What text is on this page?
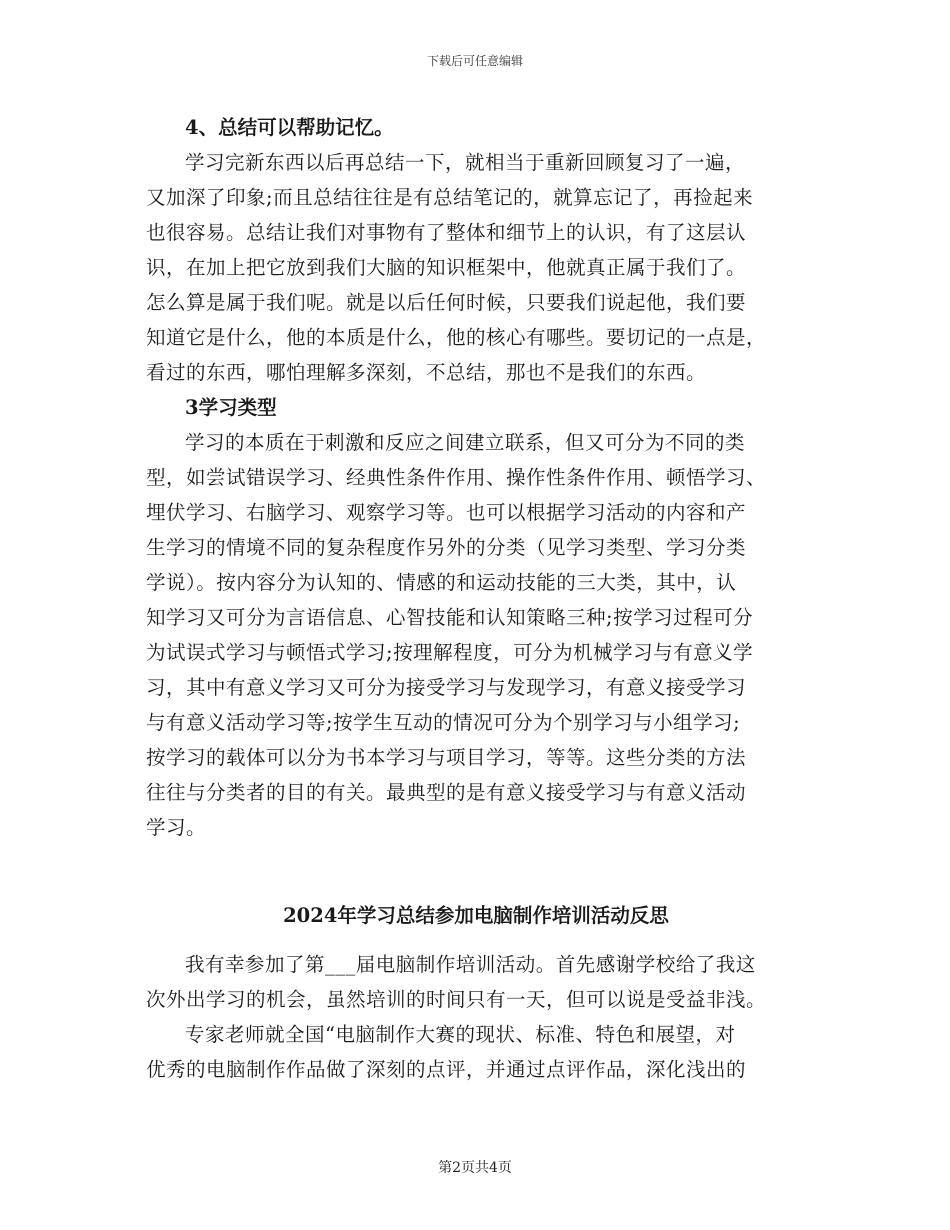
下载后可任意编辑

4、总结可以帮助记忆。

学习完新东西以后再总结一下，就相当于重新回顾复习了一遍，

又加深了印象;而且总结往往是有总结笔记的，就算忘记了，再捡起来

也很容易。总结让我们对事物有了整体和细节上的认识，有了这层认

识，在加上把它放到我们大脑的知识框架中，他就真正属于我们了。

怎么算是属于我们呢。就是以后任何时候，只要我们说起他，我们要

知道它是什么，他的本质是什么，他的核心有哪些。要切记的一点是，

看过的东西，哪怕理解多深刻，不总结，那也不是我们的东西。

3学习类型

学习的本质在于刺激和反应之间建立联系，但又可分为不同的类

型，如尝试错误学习、经典性条件作用、操作性条件作用、顿悟学习、

埋伏学习、右脑学习、观察学习等。也可以根据学习活动的内容和产

生学习的情境不同的复杂程度作另外的分类（见学习类型、学习分类

学说）。按内容分为认知的、情感的和运动技能的三大类，其中，认

知学习又可分为言语信息、心智技能和认知策略三种;按学习过程可分

为试误式学习与顿悟式学习;按理解程度，可分为机械学习与有意义学

习，其中有意义学习又可分为接受学习与发现学习，有意义接受学习

与有意义活动学习等;按学生互动的情况可分为个别学习与小组学习;

按学习的载体可以分为书本学习与项目学习，等等。这些分类的方法

往往与分类者的目的有关。最典型的是有意义接受学习与有意义活动

学习。

2024年学习总结参加电脑制作培训活动反思

我有幸参加了第___届电脑制作培训活动。首先感谢学校给了我这

次外出学习的机会，虽然培训的时间只有一天，但可以说是受益非浅。

专家老师就全国“电脑制作大赛的现状、标准、特色和展望，对

优秀的电脑制作作品做了深刻的点评，并通过点评作品，深化浅出的

第2页共4页
